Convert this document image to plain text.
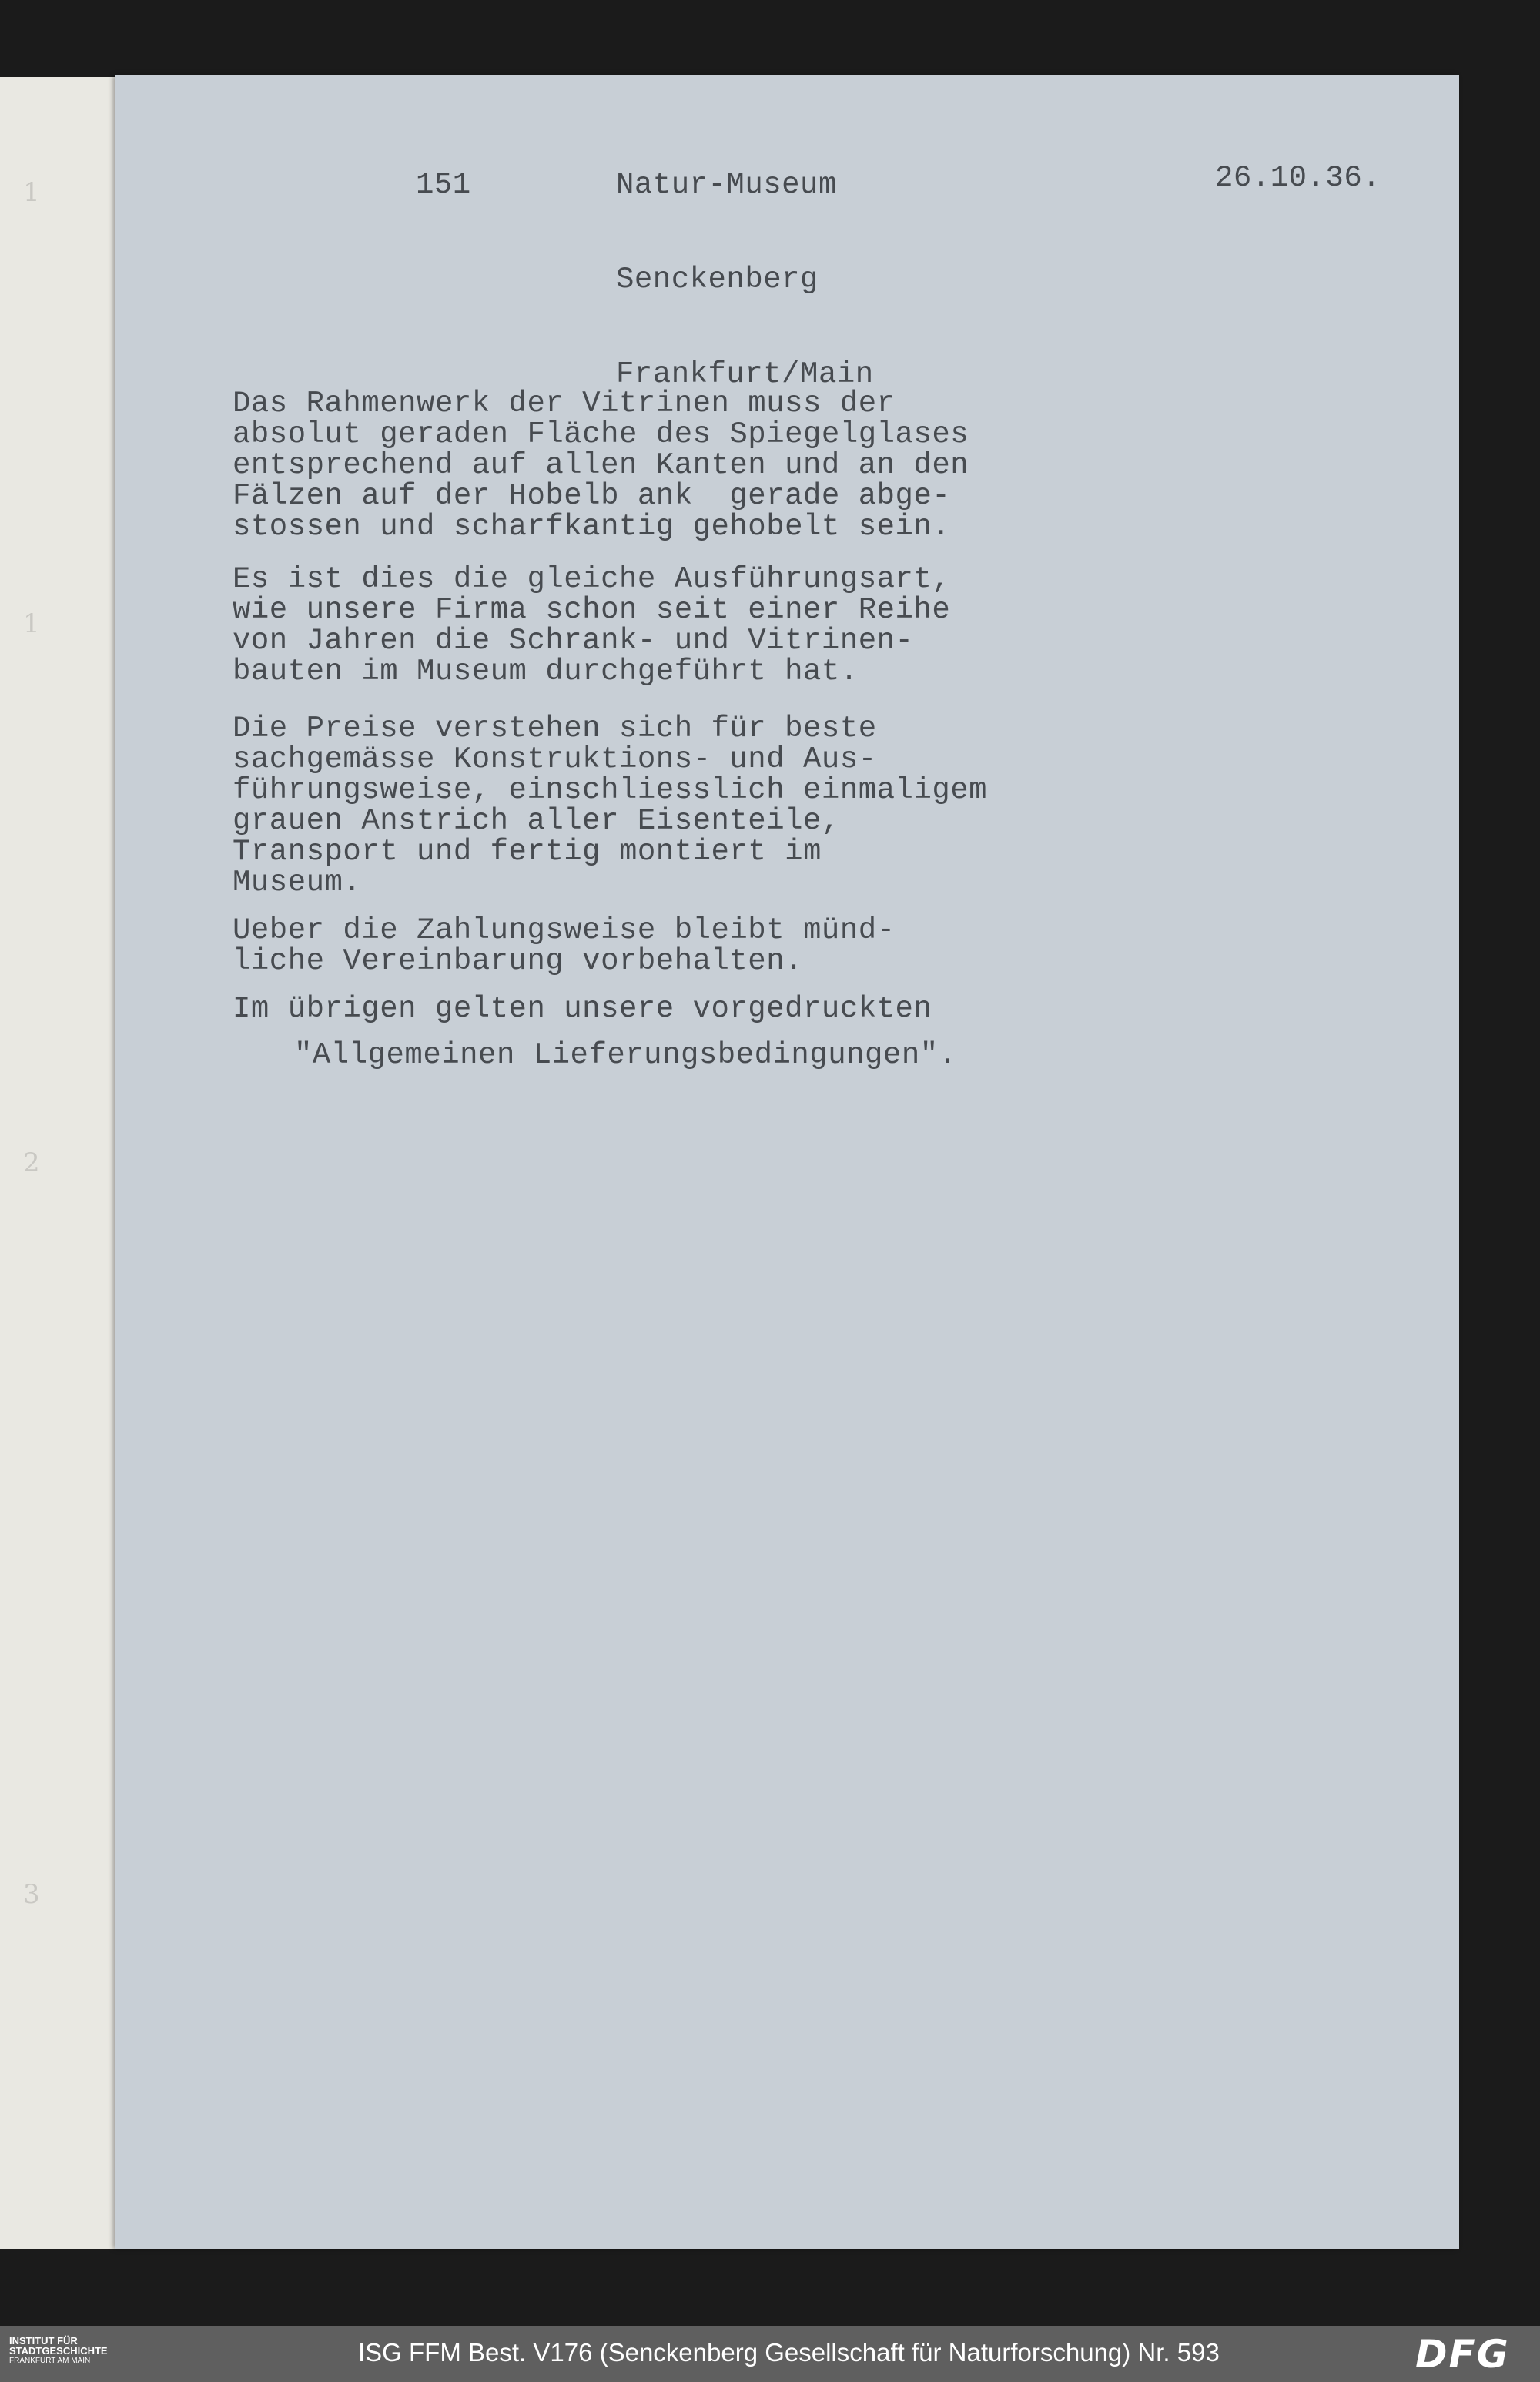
1
1
2
3
151

	Natur-Museum

Senckenberg

Frankfurt/Main

26.10.36.
Das Rahmenwerk der Vitrinen muss der
absolut geraden Fläche des Spiegelglases
entsprechend auf allen Kanten und an den
Fälzen auf der Hobelb ank  gerade abge-
stossen und scharfkantig gehobelt sein.
Es ist dies die gleiche Ausführungsart,
wie unsere Firma schon seit einer Reihe
von Jahren die Schrank- und Vitrinen-
bauten im Museum durchgeführt hat.
Die Preise verstehen sich für beste
sachgemässe Konstruktions- und Aus-
führungsweise, einschliesslich einmaligem
grauen Anstrich aller Eisenteile,
Transport und fertig montiert im
Museum.
Ueber die Zahlungsweise bleibt münd-
liche Vereinbarung vorbehalten.
Im übrigen gelten unsere vorgedruckten
"Allgemeinen Lieferungsbedingungen".
INSTITUT FÜR
STADTGESCHICHTE
FRANKFURT AM MAIN	ISG FFM Best. V176 (Senckenberg Gesellschaft für Naturforschung) Nr. 593	DFG
